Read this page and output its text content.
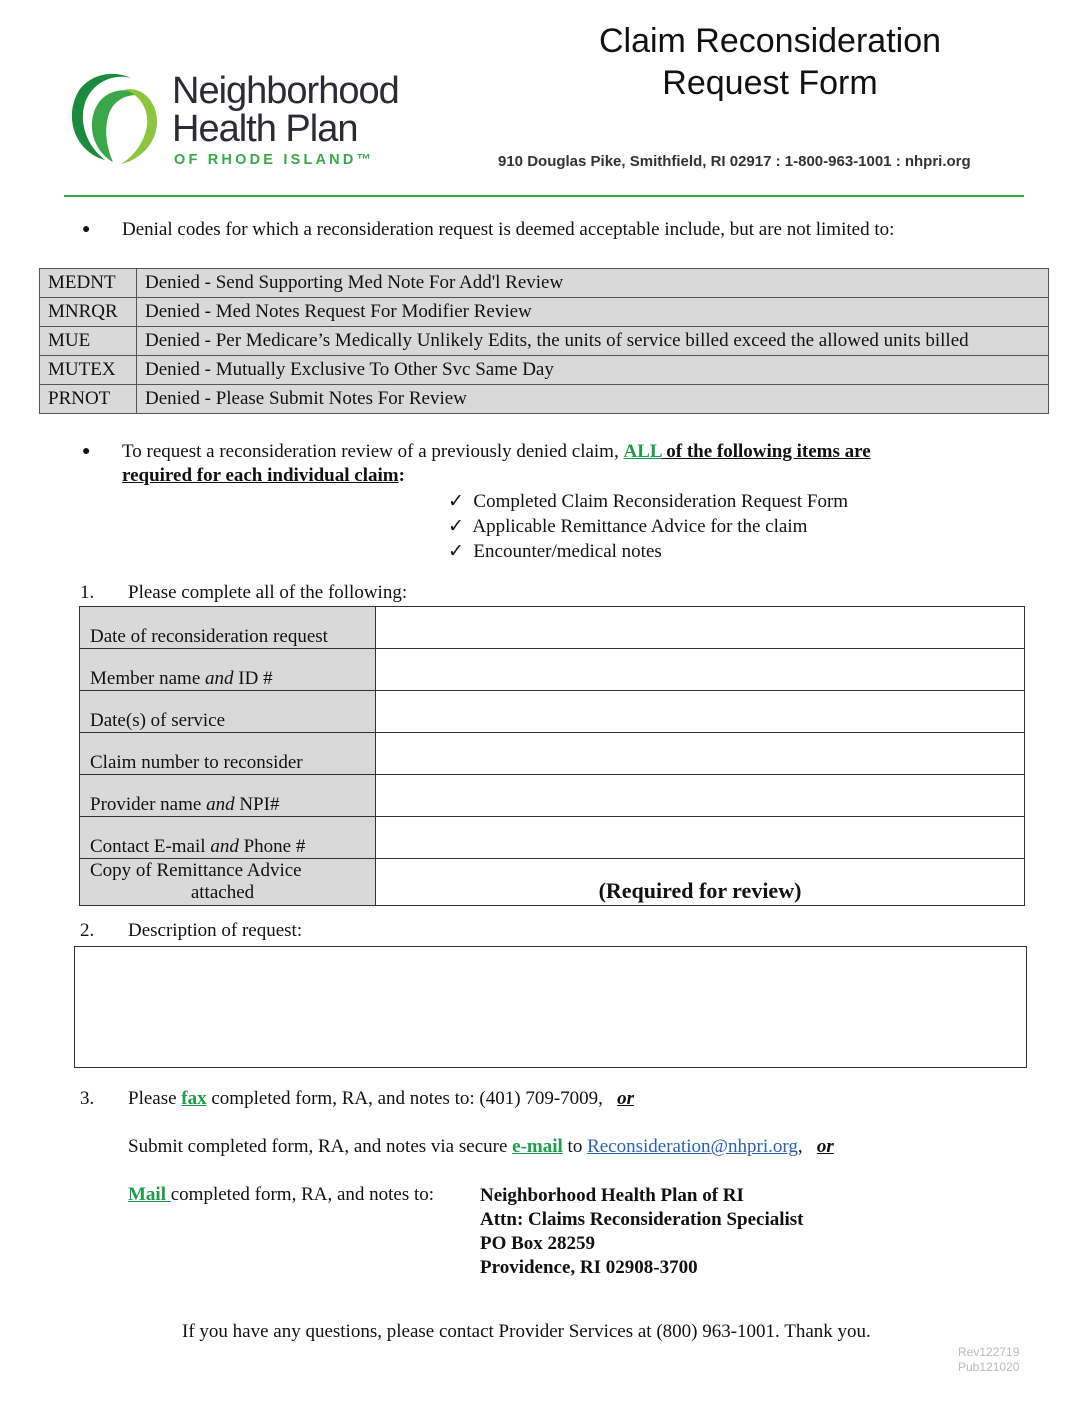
Neighborhood
Health Plan
OF RHODE ISLAND™
Claim Reconsideration
Request Form
910 Douglas Pike, Smithfield, RI 02917 : 1-800-963-1001 : nhpri.org
● Denial codes for which a reconsideration request is deemed acceptable include, but are not limited to:
MEDNT	Denied - Send Supporting Med Note For Add'l Review
MNRQR	Denied - Med Notes Request For Modifier Review
MUE	Denied - Per Medicare’s Medically Unlikely Edits, the units of service billed exceed the allowed units billed
MUTEX	Denied - Mutually Exclusive To Other Svc Same Day
PRNOT	Denied - Please Submit Notes For Review
● To request a reconsideration review of a previously denied claim, ALL of the following items are
required for each individual claim:
✓ Completed Claim Reconsideration Request Form
✓ Applicable Remittance Advice for the claim
✓ Encounter/medical notes
1. Please complete all of the following:
Date of reconsideration request	
Member name and ID #	
Date(s) of service	
Claim number to reconsider	
Provider name and NPI#	
Contact E-mail and Phone #	

Copy of Remittance Advice
attached	(Required for review)
2. Description of request:
3. Please fax completed form, RA, and notes to: (401) 709-7009, or
Submit completed form, RA, and notes via secure e-mail to Reconsideration@nhpri.org, or
Mail completed form, RA, and notes to: Neighborhood Health Plan of RI
Attn: Claims Reconsideration Specialist
PO Box 28259
Providence, RI 02908-3700
If you have any questions, please contact Provider Services at (800) 963-1001. Thank you.
Rev122719
Pub121020
